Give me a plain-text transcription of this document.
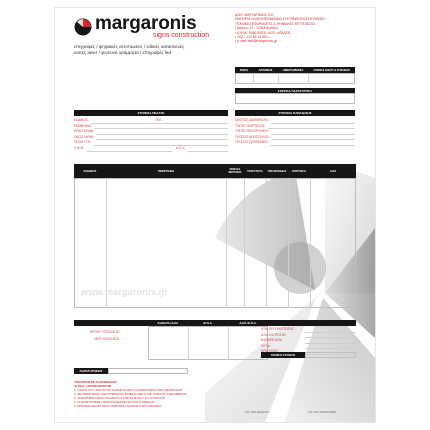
margaronis
signs construction
επιγραφές / ψηφιακές εκτυπώσεις / ειδικές κατασκευές
κοπές laser / φωτεινά γράμματα / επιγραφές led
ΑΛΕΞ ΜΑΡΓΑΡΩΝΗΣ Ο.Ε.
ΕΜΠΟΡΙΑ ΟΛΟΚΛΗΡΩΜΕΝΩΝ ΣΥΣΤΗΜΑΤΩΝ ΕΠΙΓΡΑΦΩΝ
ΤΕΧΝΙΚΕΣ ΕΦΑΡΜΟΓΕΣ & ΨΗΦΙΑΚΕΣ ΕΚΤΥΠΩΣΕΙΣ
• Αθηνών 17 - 12344 Αιγάλεω
• Α.Φ.Μ.: 099070679 • ΔΟΥ: ΑΙΓΑΛΕΩ
• ΤΗΛ.: 210 59 15 600 •
• e-mail: info@margaronis.gr
ΣΕΙΡΑ	ΑΡΙΘΜΟΣ	ΗΜΕΡΟΜΗΝΙΑ	ΑΡΙΘΜΟΣ ΕΙΔΟΥΣ & ΣΤΟΙΧΕΙΩΝ
ΣΧΕΤΙΚΑ ΠΑΡΑΣΤΑΤΙΚΑ
ΣΤΟΙΧΕΙΑ ΠΕΛΑΤΗ
ΚΩΔΙΚΟΣ:
ΕΠΩΝΥΜΙΑ:
ΕΠΑΓΓΕΛΜΑ:
ΟΔΟΣ / ΑΡΙΘ:
ΠΟΛΗ / Τ.Κ.:
Α.Φ.Μ.:	Δ.Ο.Υ.:
ΤΗΛ.:
ΣΤΟΙΧΕΙΑ ΠΑΡΑΔΟΣΗΣ
ΣΚΟΠΟΣ ΔΙΑΚΙΝΗΣΗΣ:
ΤΟΠΟΣ ΦΟΡΤΩΣΗΣ:
ΤΟΠΟΣ ΠΡΟΟΡΙΣΜΟΥ:
ΤΡΟΠΟΣ ΑΠΟΣΤΟΛΗΣ:
ΤΡΟΠΟΣ ΠΛΗΡΩΜΗΣ:
ΚΩΔΙΚΟΣ	ΠΕΡΙΓΡΑΦΗ	ΜΟΝΑΔΑ ΜΕΤΡΗΣΗΣ	ΠΟΣΟΤΗΤΑ	ΤΙΜΗ ΜΟΝΑΔΑΣ	ΕΚΠΤΩΣΗ	ΑΞΙΑ
www.margaronis.gr
ΚΑΘΑΡΗ ΑΞΙΑ	Φ.Π.Α.	ΑΞΙΑ Φ.Π.Α.
ΠΡΟΗΓ. ΥΠΟΛΟΙΠΟ:
ΝΕΟ ΥΠΟΛΟΙΠΟ:
ΑΞΙΑ ΠΡΟ ΕΚΠΤΩΣΗΣ
ΑΞΙΑ ΕΚΠΤΩΣΗΣ
ΚΑΘΑΡΗ ΑΞΙΑ
Φ.Π.Α.
ΓΕΝΙΚΟ ΣΥΝΟΛΟ
ΠΑΡΑΤΗΡΗΣΕΙΣ
ΥΠΟΧΡΕΩΣΕΙΣ ΚΑΤΑΘΕΣΕΩΝ
ALPHA: 101002340007766
1. Η ΑΞΙΑ ΤΟΥ ΠΑΡΟΝΤΟΣ ΠΑΡΑΣΤΑΤΙΚΟΥ ΚΑΤΑΒΑΛΛΕΤΑΙ ΤΟΙΣ ΜΕΤΡΗΤΟΙΣ
2. ΣΕ ΠΕΡΙΠΤΩΣΗ ΚΑΘΥΣΤΕΡΗΣΗΣ ΕΠΙΒΑΡΥΝΕΤΑΙ ΜΕ ΤΟΚΟΥΣ ΥΠΕΡΗΜΕΡΙΑΣ
3. ΤΑ ΕΜΠΟΡΕΥΜΑΤΑ ΤΑΞΙΔΕΥΟΥΝ ΜΕ ΕΥΘΥΝΗ ΤΟΥ ΑΓΟΡΑΣΤΗ
4. ΟΙ ΕΠΙΣΤΡΟΦΕΣ ΓΙΝΟΝΤΑΙ ΔΕΚΤΕΣ ΕΝΤΟΣ 8 ΗΜΕΡΩΝ
5. ΑΡΜΟΔΙΑ ΔΙΚΑΣΤΗΡΙΑ ΟΡΙΖΟΝΤΑΙ ΤΑ ΔΙΚΑΣΤΗΡΙΑ ΑΘΗΝΩΝ
ΓΙΑ ΤΗΝ ΕΚΔΟΣΗ	ΓΙΑ ΤΗΝ ΠΑΡΑΛΑΒΗ
